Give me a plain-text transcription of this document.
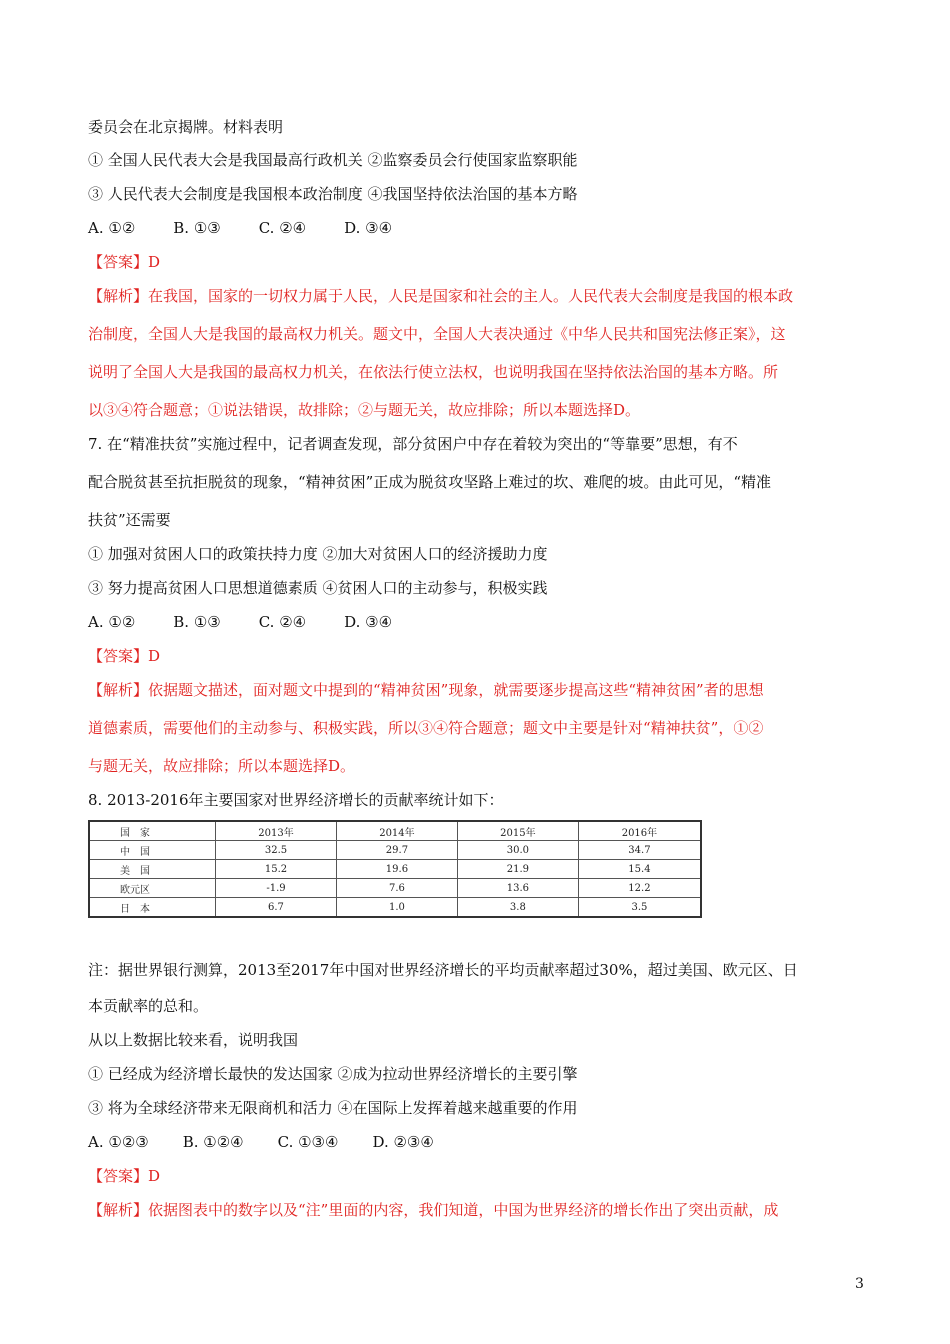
委员会在北京揭牌。材料表明
① 全国人民代表大会是我国最高行政机关 ②监察委员会行使国家监察职能
③ 人民代表大会制度是我国根本政治制度 ④我国坚持依法治国的基本方略
A. ①②	B. ①③	C. ②④	D. ③④
【答案】D
【解析】在我国，国家的一切权力属于人民，人民是国家和社会的主人。人民代表大会制度是我国的根本政
治制度，全国人大是我国的最高权力机关。题文中，全国人大表决通过《中华人民共和国宪法修正案》，这
说明了全国人大是我国的最高权力机关，在依法行使立法权，也说明我国在坚持依法治国的基本方略。所
以③④符合题意；①说法错误，故排除；②与题无关，故应排除；所以本题选择D。
7. 在“精准扶贫”实施过程中，记者调查发现，部分贫困户中存在着较为突出的“等靠要”思想，有不
配合脱贫甚至抗拒脱贫的现象，“精神贫困”正成为脱贫攻坚路上难过的坎、难爬的坡。由此可见，“精准
扶贫”还需要
① 加强对贫困人口的政策扶持力度 ②加大对贫困人口的经济援助力度
③ 努力提高贫困人口思想道德素质 ④贫困人口的主动参与，积极实践
A. ①②	B. ①③	C. ②④	D. ③④
【答案】D
【解析】依据题文描述，面对题文中提到的“精神贫困”现象，就需要逐步提高这些“精神贫困”者的思想
道德素质，需要他们的主动参与、积极实践，所以③④符合题意；题文中主要是针对“精神扶贫”，①②
与题无关，故应排除；所以本题选择D。
8. 2013-2016年主要国家对世界经济增长的贡献率统计如下：
国　家	2013年	2014年	2015年	2016年
中　国	32.5	29.7	30.0	34.7
美　国	15.2	19.6	21.9	15.4
欧元区	-1.9	7.6	13.6	12.2
日　本	6.7	1.0	3.8	3.5
注：据世界银行测算，2013至2017年中国对世界经济增长的平均贡献率超过30%，超过美国、欧元区、日
本贡献率的总和。
从以上数据比较来看，说明我国
① 已经成为经济增长最快的发达国家 ②成为拉动世界经济增长的主要引擎
③ 将为全球经济带来无限商机和活力 ④在国际上发挥着越来越重要的作用
A. ①②③ B. ①②④ C. ①③④ D. ②③④
【答案】D
【解析】依据图表中的数字以及“注”里面的内容，我们知道，中国为世界经济的增长作出了突出贡献，成
3
